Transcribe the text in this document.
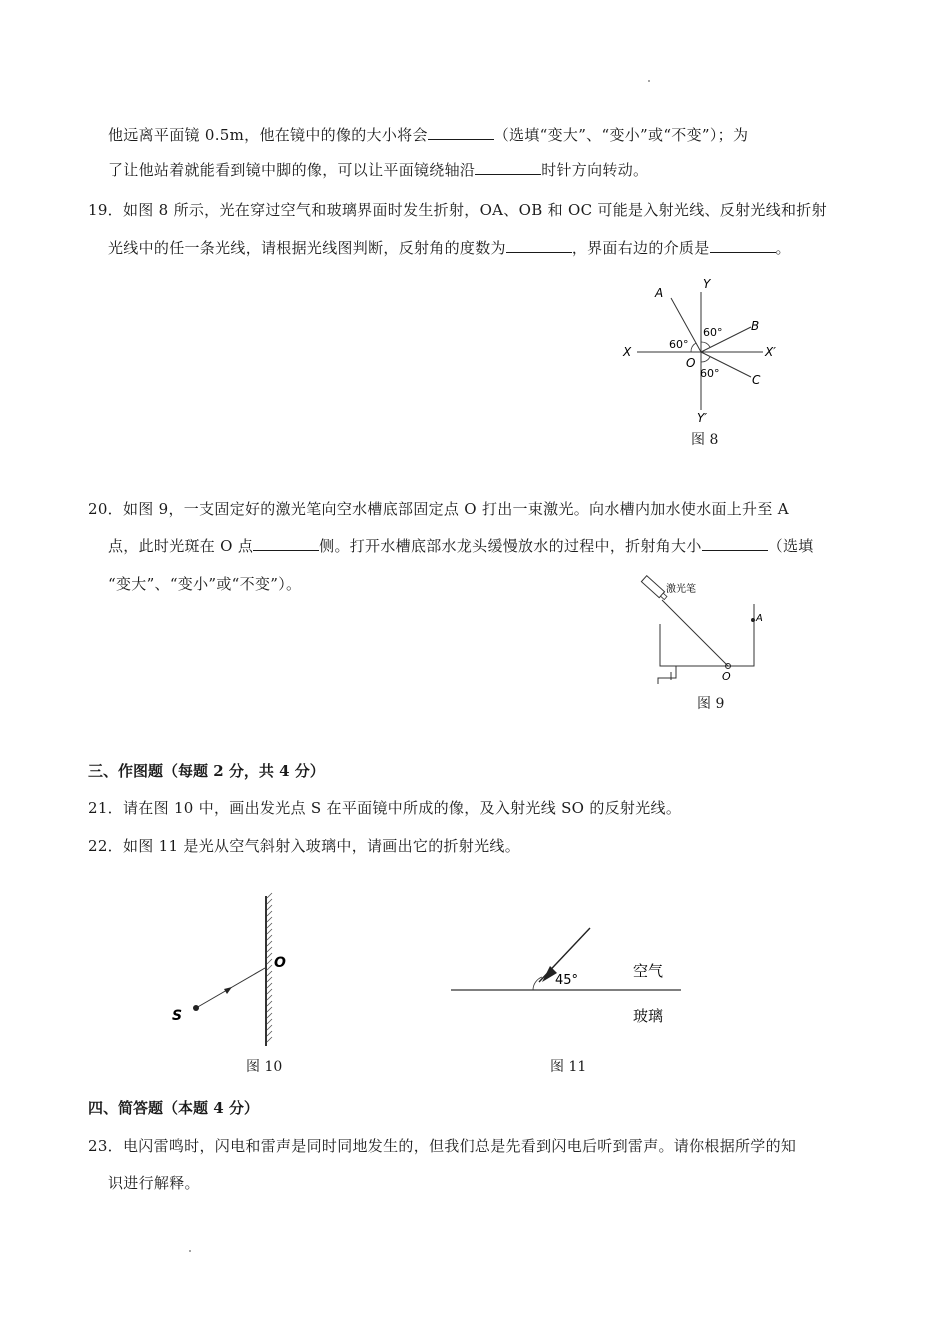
他远离平面镜 0.5m，他在镜中的像的大小将会	（选填“变大”、“变小”或“不变”）；为
了让他站着就能看到镜中脚的像，可以让平面镜绕轴沿	时针方向转动。
19．如图 8 所示，光在穿过空气和玻璃界面时发生折射，OA、OB 和 OC 可能是入射光线、反射光线和折射
光线中的任一条光线，请根据光线图判断，反射角的度数为	，界面右边的介质是	。
A
Y
B
60°
60°
X	X′
O
60°	C
Y′
图 8
20．如图 9，一支固定好的激光笔向空水槽底部固定点 O 打出一束激光。向水槽内加水使水面上升至 A
点，此时光斑在 O 点	侧。打开水槽底部水龙头缓慢放水的过程中，折射角大小	（选填
“变大”、“变小”或“不变”）。	激光笔
A
O
图 9
三、作图题（每题 2 分，共 4 分）
21．请在图 10 中，画出发光点 S 在平面镜中所成的像，及入射光线 SO 的反射光线。
22．如图 11 是光从空气斜射入玻璃中，请画出它的折射光线。
S
O
图 10
45°
空气
玻璃
图 11
四、简答题（本题 4 分）
23．电闪雷鸣时，闪电和雷声是同时同地发生的，但我们总是先看到闪电后听到雷声。请你根据所学的知
识进行解释。
